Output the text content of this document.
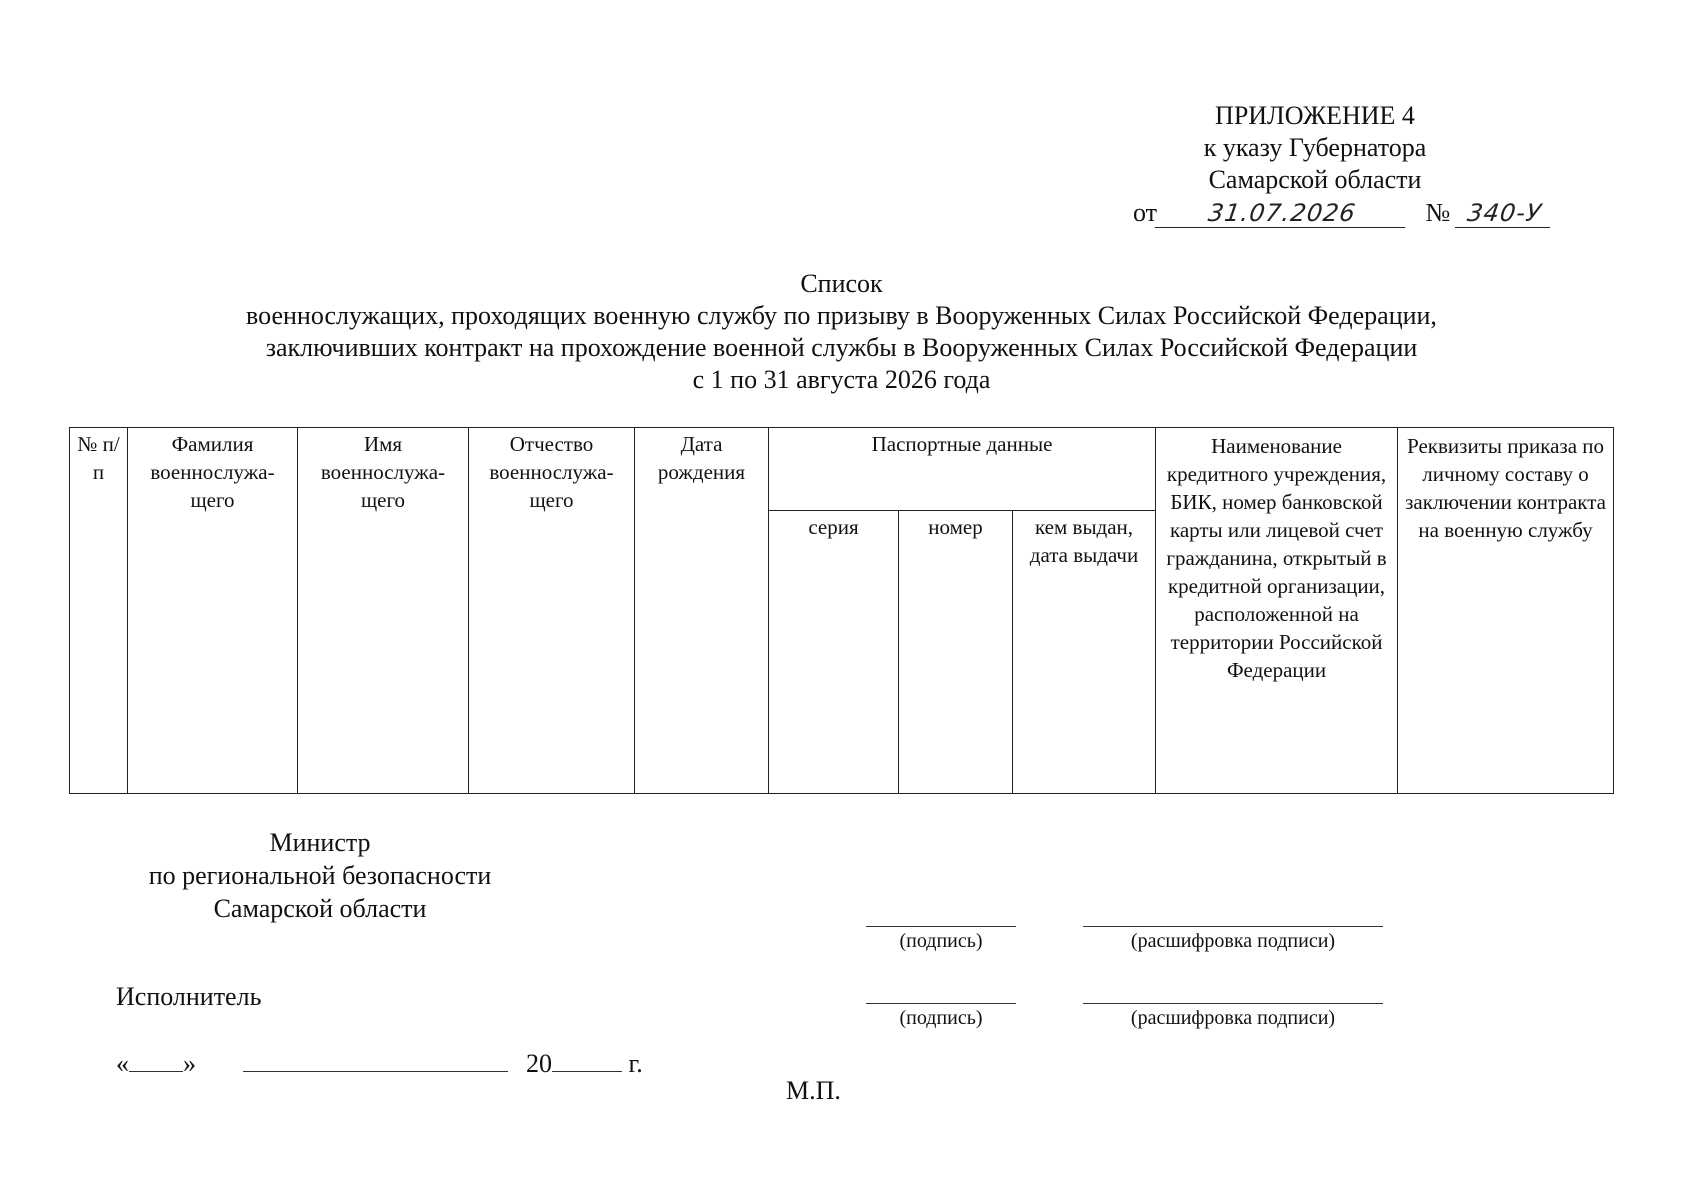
ПРИЛОЖЕНИЕ 4
к указу Губернатора
Самарской области
от 31.07.2026	№ 340-У
Список
военнослужащих, проходящих военную службу по призыву в Вооруженных Силах Российской Федерации,
заключивших контракт на прохождение военной службы в Вооруженных Силах Российской Федерации
с 1 по 31 августа 2026 года
№ п/п	Фамилия военнослужа-щего	Имя военнослужа-щего	Отчество военнослужа-щего	Дата рождения	Паспортные данные			Наименование кредитного учреждения, БИК, номер банковской карты или лицевой счет гражданина, открытый в кредитной организации, расположенной на территории Российской Федерации	Реквизиты приказа по личному составу о заключении контракта на военную службу
					серия	номер	кем выдан, дата выдачи		
Министр
по региональной безопасности
Самарской области
(подпись)	(расшифровка подписи)
Исполнитель
(подпись)	(расшифровка подписи)
« »	20	г.
М.П.
